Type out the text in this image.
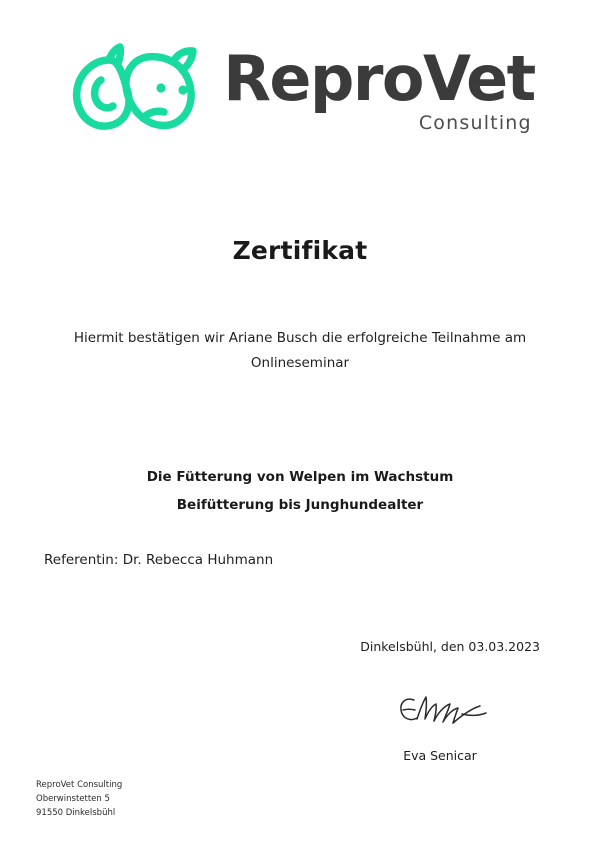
ReproVet
Consulting
Zertifikat
Hiermit bestätigen wir Ariane Busch die erfolgreiche Teilnahme am
Onlineseminar
Die Fütterung von Welpen im Wachstum
Beifütterung bis Junghundealter
Referentin: Dr. Rebecca Huhmann
Dinkelsbühl, den 03.03.2023
Eva Senicar
ReproVet Consulting
Oberwinstetten 5
91550 Dinkelsbühl
